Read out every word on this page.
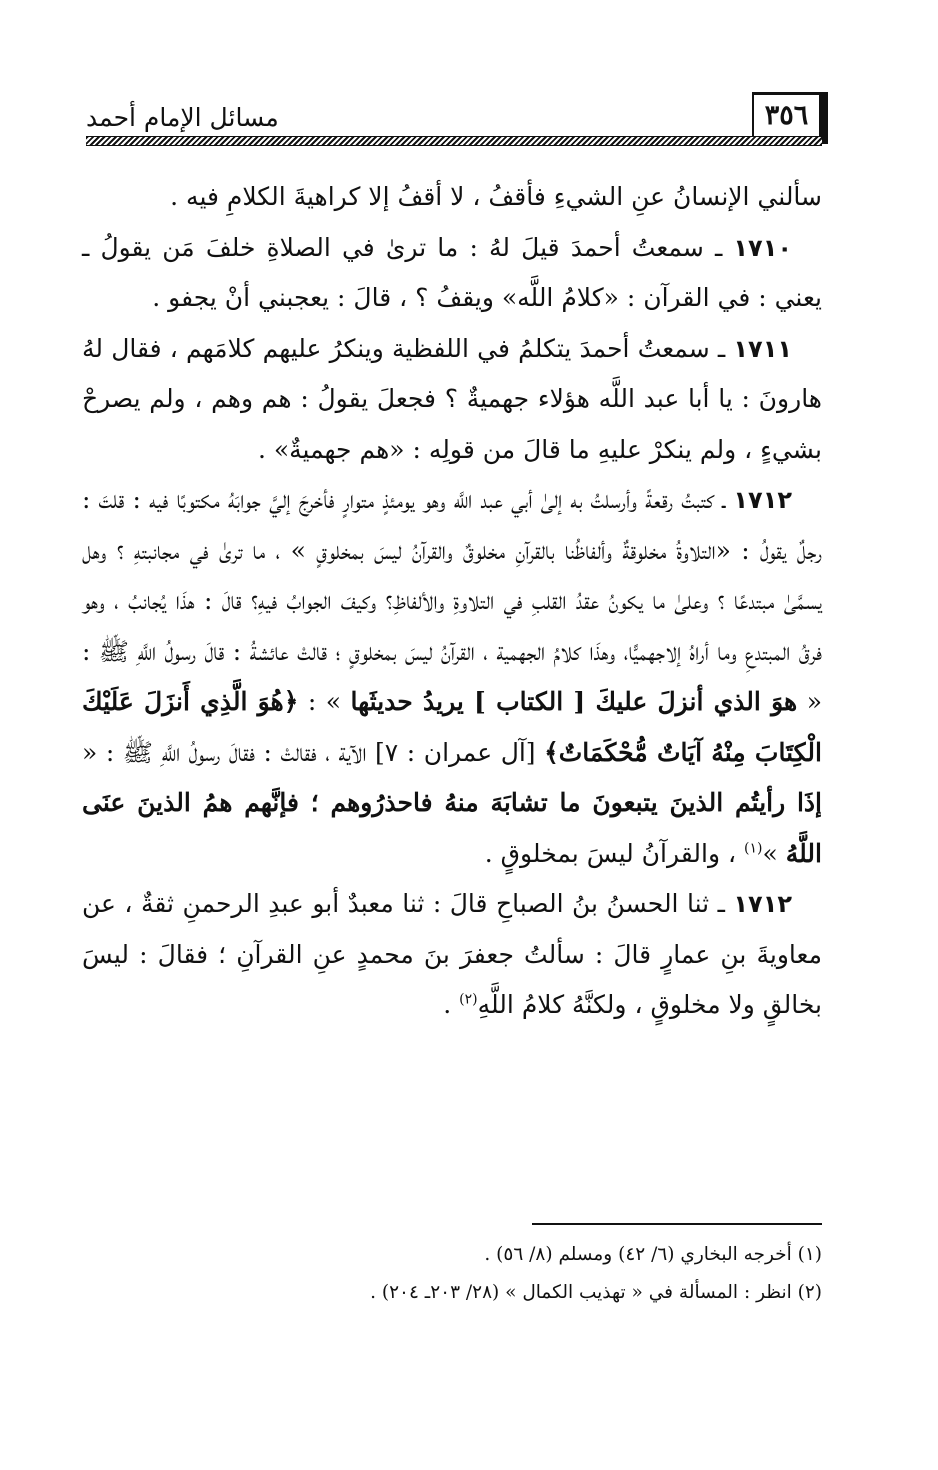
مسائل الإمام أحمد	٣٥٦

سألني الإنسانُ عنِ الشيءِ فأقفُ ، لا أقفُ إلا كراهيةَ الكلامِ فيه .

١٧١٠ ـ سمعتُ أحمدَ قيلَ لهُ : ما ترىٰ في الصلاةِ خلفَ مَن يقولُ ـ يعني : في القرآن : «كلامُ اللَّه» ويقفُ ؟ ، قالَ : يعجبني أنْ يجفو .

١٧١١ ـ سمعتُ أحمدَ يتكلمُ في اللفظية وينكرُ عليهم كلامَهم ، فقال لهُ هارونَ : يا أبا عبد اللَّه هؤلاء جهميةٌ ؟ فجعلَ يقولُ : هم وهم ، ولم يصرحْ بشيءٍ ، ولم ينكرْ عليهِ ما قالَ من قولِه : «هم جهميةٌ» .

١٧١٢ ـ كتبتُ رقعةً وأرسلتُ به إلىٰ أبي عبد اللَّه وهو يومئذٍ متوارٍ فأخرجَ إليَّ جوابَهُ مكتوبًا فيه : قلتَ : رجلٌ يقولُ : «التلاوةُ مخلوقةٌ وألفاظُنا بالقرآنِ مخلوقٌ والقرآنُ ليسَ بمخلوقٍ » ، ما ترىٰ في مجانبتهِ ؟ وهل يسمَّىٰ مبتدعًا ؟ وعلىٰ ما يكونُ عقدُ القلبِ في التلاوةِ والألفاظِ؟ وكيفَ الجوابُ فيهِ؟ قالَ : هذَا يُجانبُ ، وهو فرقُ المبتدعِ وما أراهُ إلاجهميًّا، وهذَا كلامُ الجهمية ، القرآنُ ليسَ بمخلوقٍ ؛ قالتْ عائشةُ : قالَ رسولُ اللَّهِ ﷺ : « هوَ الذي أنزلَ عليكَ [ الكتاب ] يريدُ حديثَها » : ﴿هُوَ الَّذِي أَنزَلَ عَلَيْكَ الْكِتَابَ مِنْهُ آيَاتٌ مُّحْكَمَاتٌ﴾ [آل عمران : ٧] الآية ، فقالتْ : فقالَ رسولُ اللَّهِ ﷺ : « إذَا رأيتُم الذينَ يتبعونَ ما تشابَهَ منهُ فاحذرُوهم ؛ فإنَّهم همُ الذينَ عنَى اللَّهُ »$^{(١)}$ ، والقرآنُ ليسَ بمخلوقٍ .

١٧١٢ ـ ثنا الحسنُ بنُ الصباحِ قالَ : ثنا معبدٌ أبو عبدِ الرحمنِ ثقةٌ ، عن معاويةَ بنِ عمارٍ قالَ : سألتُ جعفرَ بنَ محمدٍ عنِ القرآنِ ؛ فقالَ : ليسَ بخالقٍ ولا مخلوقٍ ، ولكنَّهُ كلامُ اللَّهِ$^{(٢)}$ .

(١) أخرجه البخاري (٦/ ٤٢) ومسلم (٨/ ٥٦) .

(٢) انظر : المسألة في « تهذيب الكمال » (٢٨/ ٢٠٣ـ ٢٠٤) .
